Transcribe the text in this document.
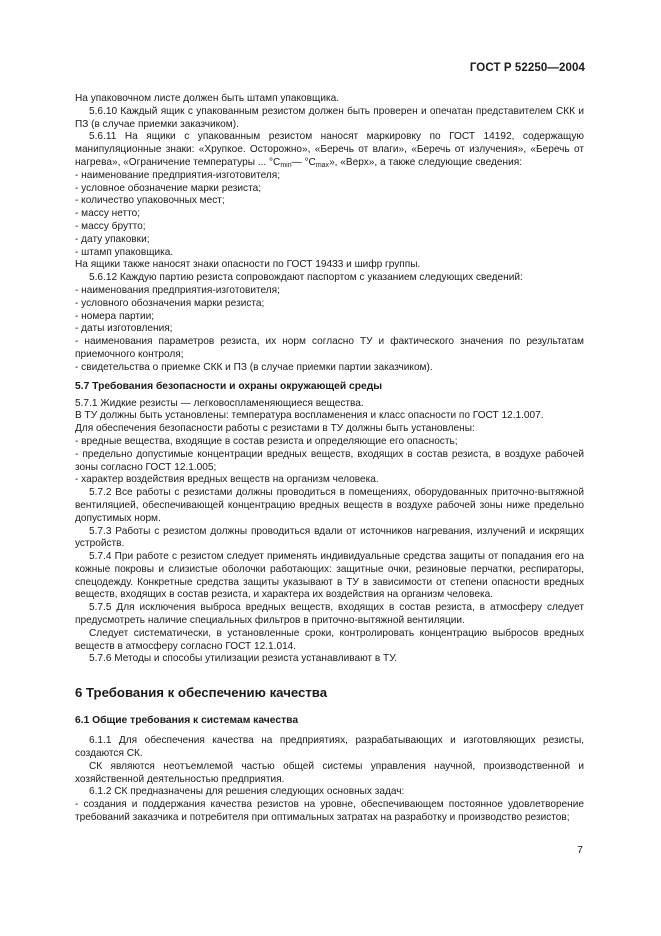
ГОСТ Р 52250—2004

На упаковочном листе должен быть штамп упаковщика.

5.6.10 Каждый ящик с упакованным резистом должен быть проверен и опечатан представителем СКК и ПЗ (в случае приемки заказчиком).

5.6.11 На ящики с упакованным резистом наносят маркировку по ГОСТ 14192, содержащую манипуляционные знаки: «Хрупкое. Осторожно», «Беречь от влаги», «Беречь от излучения», «Беречь от нагрева», «Ограничение температуры ... $^\circ C_{min}—$ $^\circ C_{max}$», «Верх», а также следующие сведения:

- наименование предприятия-изготовителя;

- условное обозначение марки резиста;

- количество упаковочных мест;

- массу нетто;

- массу брутто;

- дату упаковки;

- штамп упаковщика.

На ящики также наносят знаки опасности по ГОСТ 19433 и шифр группы.

5.6.12 Каждую партию резиста сопровождают паспортом с указанием следующих сведений:

- наименования предприятия-изготовителя;

- условного обозначения марки резиста;

- номера партии;

- даты изготовления;

- наименования параметров резиста, их норм согласно ТУ и фактического значения по результатам приемочного контроля;

- свидетельства о приемке СКК и ПЗ (в случае приемки партии заказчиком).

5.7 Требования безопасности и охраны окружающей среды

5.7.1 Жидкие резисты — легковоспламеняющиеся вещества.

В ТУ должны быть установлены: температура воспламенения и класс опасности по ГОСТ 12.1.007.

Для обеспечения безопасности работы с резистами в ТУ должны быть установлены:

- вредные вещества, входящие в состав резиста и определяющие его опасность;

- предельно допустимые концентрации вредных веществ, входящих в состав резиста, в воздухе рабочей зоны согласно ГОСТ 12.1.005;

- характер воздействия вредных веществ на организм человека.

5.7.2 Все работы с резистами должны проводиться в помещениях, оборудованных приточно-вытяжной вентиляцией, обеспечивающей концентрацию вредных веществ в воздухе рабочей зоны ниже предельно допустимых норм.

5.7.3 Работы с резистом должны проводиться вдали от источников нагревания, излучений и искрящих устройств.

5.7.4 При работе с резистом следует применять индивидуальные средства защиты от попадания его на кожные покровы и слизистые оболочки работающих: защитные очки, резиновые перчатки, респираторы, спецодежду. Конкретные средства защиты указывают в ТУ в зависимости от степени опасности вредных веществ, входящих в состав резиста, и характера их воздействия на организм человека.

5.7.5 Для исключения выброса вредных веществ, входящих в состав резиста, в атмосферу следует предусмотреть наличие специальных фильтров в приточно-вытяжной вентиляции.

Следует систематически, в установленные сроки, контролировать концентрацию выбросов вредных веществ в атмосферу согласно ГОСТ 12.1.014.

5.7.6 Методы и способы утилизации резиста устанавливают в ТУ.

6 Требования к обеспечению качества

6.1 Общие требования к системам качества

6.1.1 Для обеспечения качества на предприятиях, разрабатывающих и изготовляющих резисты, создаются СК.

СК являются неотъемлемой частью общей системы управления научной, производственной и хозяйственной деятельностью предприятия.

6.1.2 СК предназначены для решения следующих основных задач:

- создания и поддержания качества резистов на уровне, обеспечивающем постоянное удовлетворение требований заказчика и потребителя при оптимальных затратах на разработку и производство резистов;

7
